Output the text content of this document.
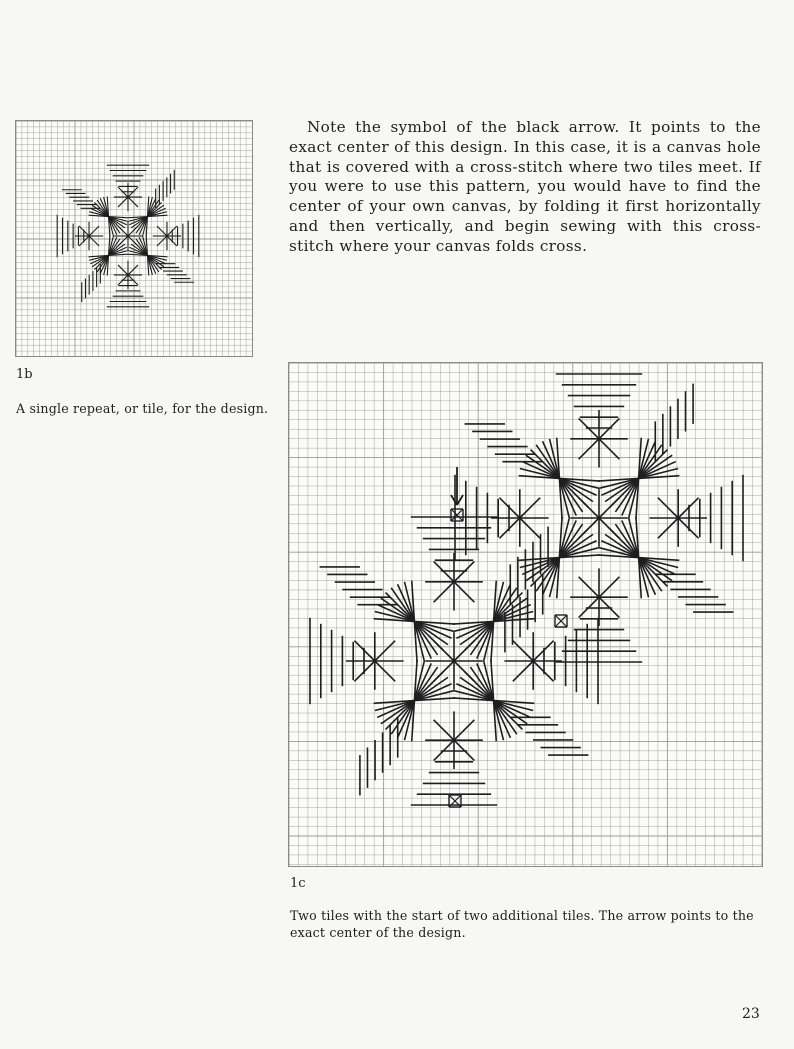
1b
A single repeat, or tile, for the design.
Note the symbol of the black arrow. It points to the exact center of this design. In this case, it is a canvas hole that is covered with a cross-stitch where two tiles meet. If you were to use this pattern, you would have to find the center of your own canvas, by folding it first horizontally and then vertically, and begin sewing with this cross-stitch where your canvas folds cross.
1c
Two tiles with the start of two additional tiles. The arrow points to the exact center of the design.
23
